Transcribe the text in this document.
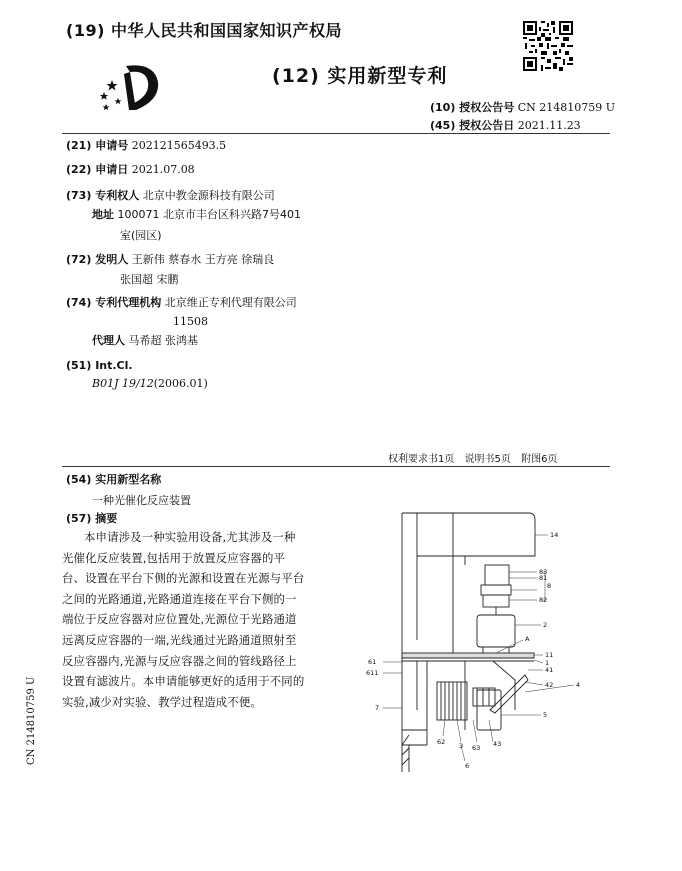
(19) 中华人民共和国国家知识产权局
(12) 实用新型专利
(10) 授权公告号 CN 214810759 U
(45) 授权公告日 2021.11.23
(21) 申请号 202121565493.5
(22) 申请日 2021.07.08
(73) 专利权人 北京中教金源科技有限公司
地址 100071 北京市丰台区科兴路7号401
室(园区)
(72) 发明人 王新伟 蔡春水 王方亮 徐瑞良
张国超 宋鹏
(74) 专利代理机构 北京维正专利代理有限公司
11508
代理人 马希超 张鸿基
(51) Int.Cl.
B01J 19/12(2006.01)
权利要求书1页 说明书5页 附图6页
(54) 实用新型名称
一种光催化反应装置
(57) 摘要
本申请涉及一种实验用设备,尤其涉及一种
光催化反应装置,包括用于放置反应容器的平
台、设置在平台下侧的光源和设置在光源与平台
之间的光路通道,光路通道连接在平台下侧的一
端位于反应容器对应位置处,光源位于光路通道
远离反应容器的一端,光线通过光路通道照射至
反应容器内,光源与反应容器之间的管线路径上
设置有滤波片。本申请能够更好的适用于不同的
实验,减少对实验、教学过程造成不便。
CN 214810759 U
14
83
81
8
82
2
A
11
1
41
42	4
5
61
611
7
3
62
63 43
6
